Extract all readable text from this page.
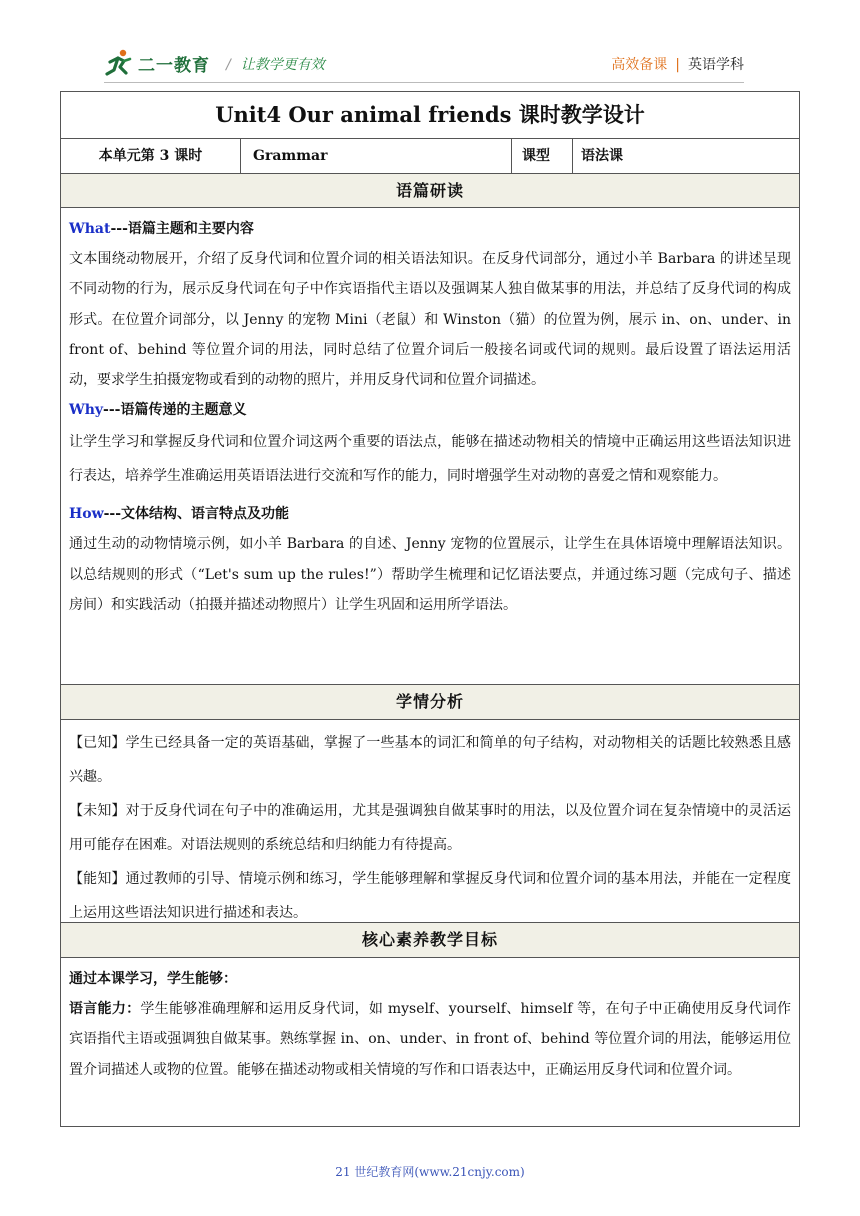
二一教育 / 让教学更有效	高效备课 | 英语学科
Unit4 Our animal friends 课时教学设计
本单元第 3 课时	Grammar	课型	语法课
语篇研读
What---语篇主题和主要内容
文本围绕动物展开，介绍了反身代词和位置介词的相关语法知识。在反身代词部分，通过小羊 Barbara 的讲述呈现不同动物的行为，展示反身代词在句子中作宾语指代主语以及强调某人独自做某事的用法，并总结了反身代词的构成形式。在位置介词部分，以 Jenny 的宠物 Mini（老鼠）和 Winston（猫）的位置为例，展示 in、on、under、in front of、behind 等位置介词的用法，同时总结了位置介词后一般接名词或代词的规则。最后设置了语法运用活动，要求学生拍摄宠物或看到的动物的照片，并用反身代词和位置介词描述。
Why---语篇传递的主题意义
让学生学习和掌握反身代词和位置介词这两个重要的语法点，能够在描述动物相关的情境中正确运用这些语法知识进行表达，培养学生准确运用英语语法进行交流和写作的能力，同时增强学生对动物的喜爱之情和观察能力。
How---文体结构、语言特点及功能
通过生动的动物情境示例，如小羊 Barbara 的自述、Jenny 宠物的位置展示，让学生在具体语境中理解语法知识。以总结规则的形式（“Let's sum up the rules!”）帮助学生梳理和记忆语法要点，并通过练习题（完成句子、描述房间）和实践活动（拍摄并描述动物照片）让学生巩固和运用所学语法。
学情分析
【已知】学生已经具备一定的英语基础，掌握了一些基本的词汇和简单的句子结构，对动物相关的话题比较熟悉且感兴趣。
【未知】对于反身代词在句子中的准确运用，尤其是强调独自做某事时的用法，以及位置介词在复杂情境中的灵活运用可能存在困难。对语法规则的系统总结和归纳能力有待提高。
【能知】通过教师的引导、情境示例和练习，学生能够理解和掌握反身代词和位置介词的基本用法，并能在一定程度上运用这些语法知识进行描述和表达。
核心素养教学目标
通过本课学习，学生能够：
语言能力：学生能够准确理解和运用反身代词，如 myself、yourself、himself 等，在句子中正确使用反身代词作宾语指代主语或强调独自做某事。熟练掌握 in、on、under、in front of、behind 等位置介词的用法，能够运用位置介词描述人或物的位置。能够在描述动物或相关情境的写作和口语表达中，正确运用反身代词和位置介词。
21 世纪教育网(www.21cnjy.com)
